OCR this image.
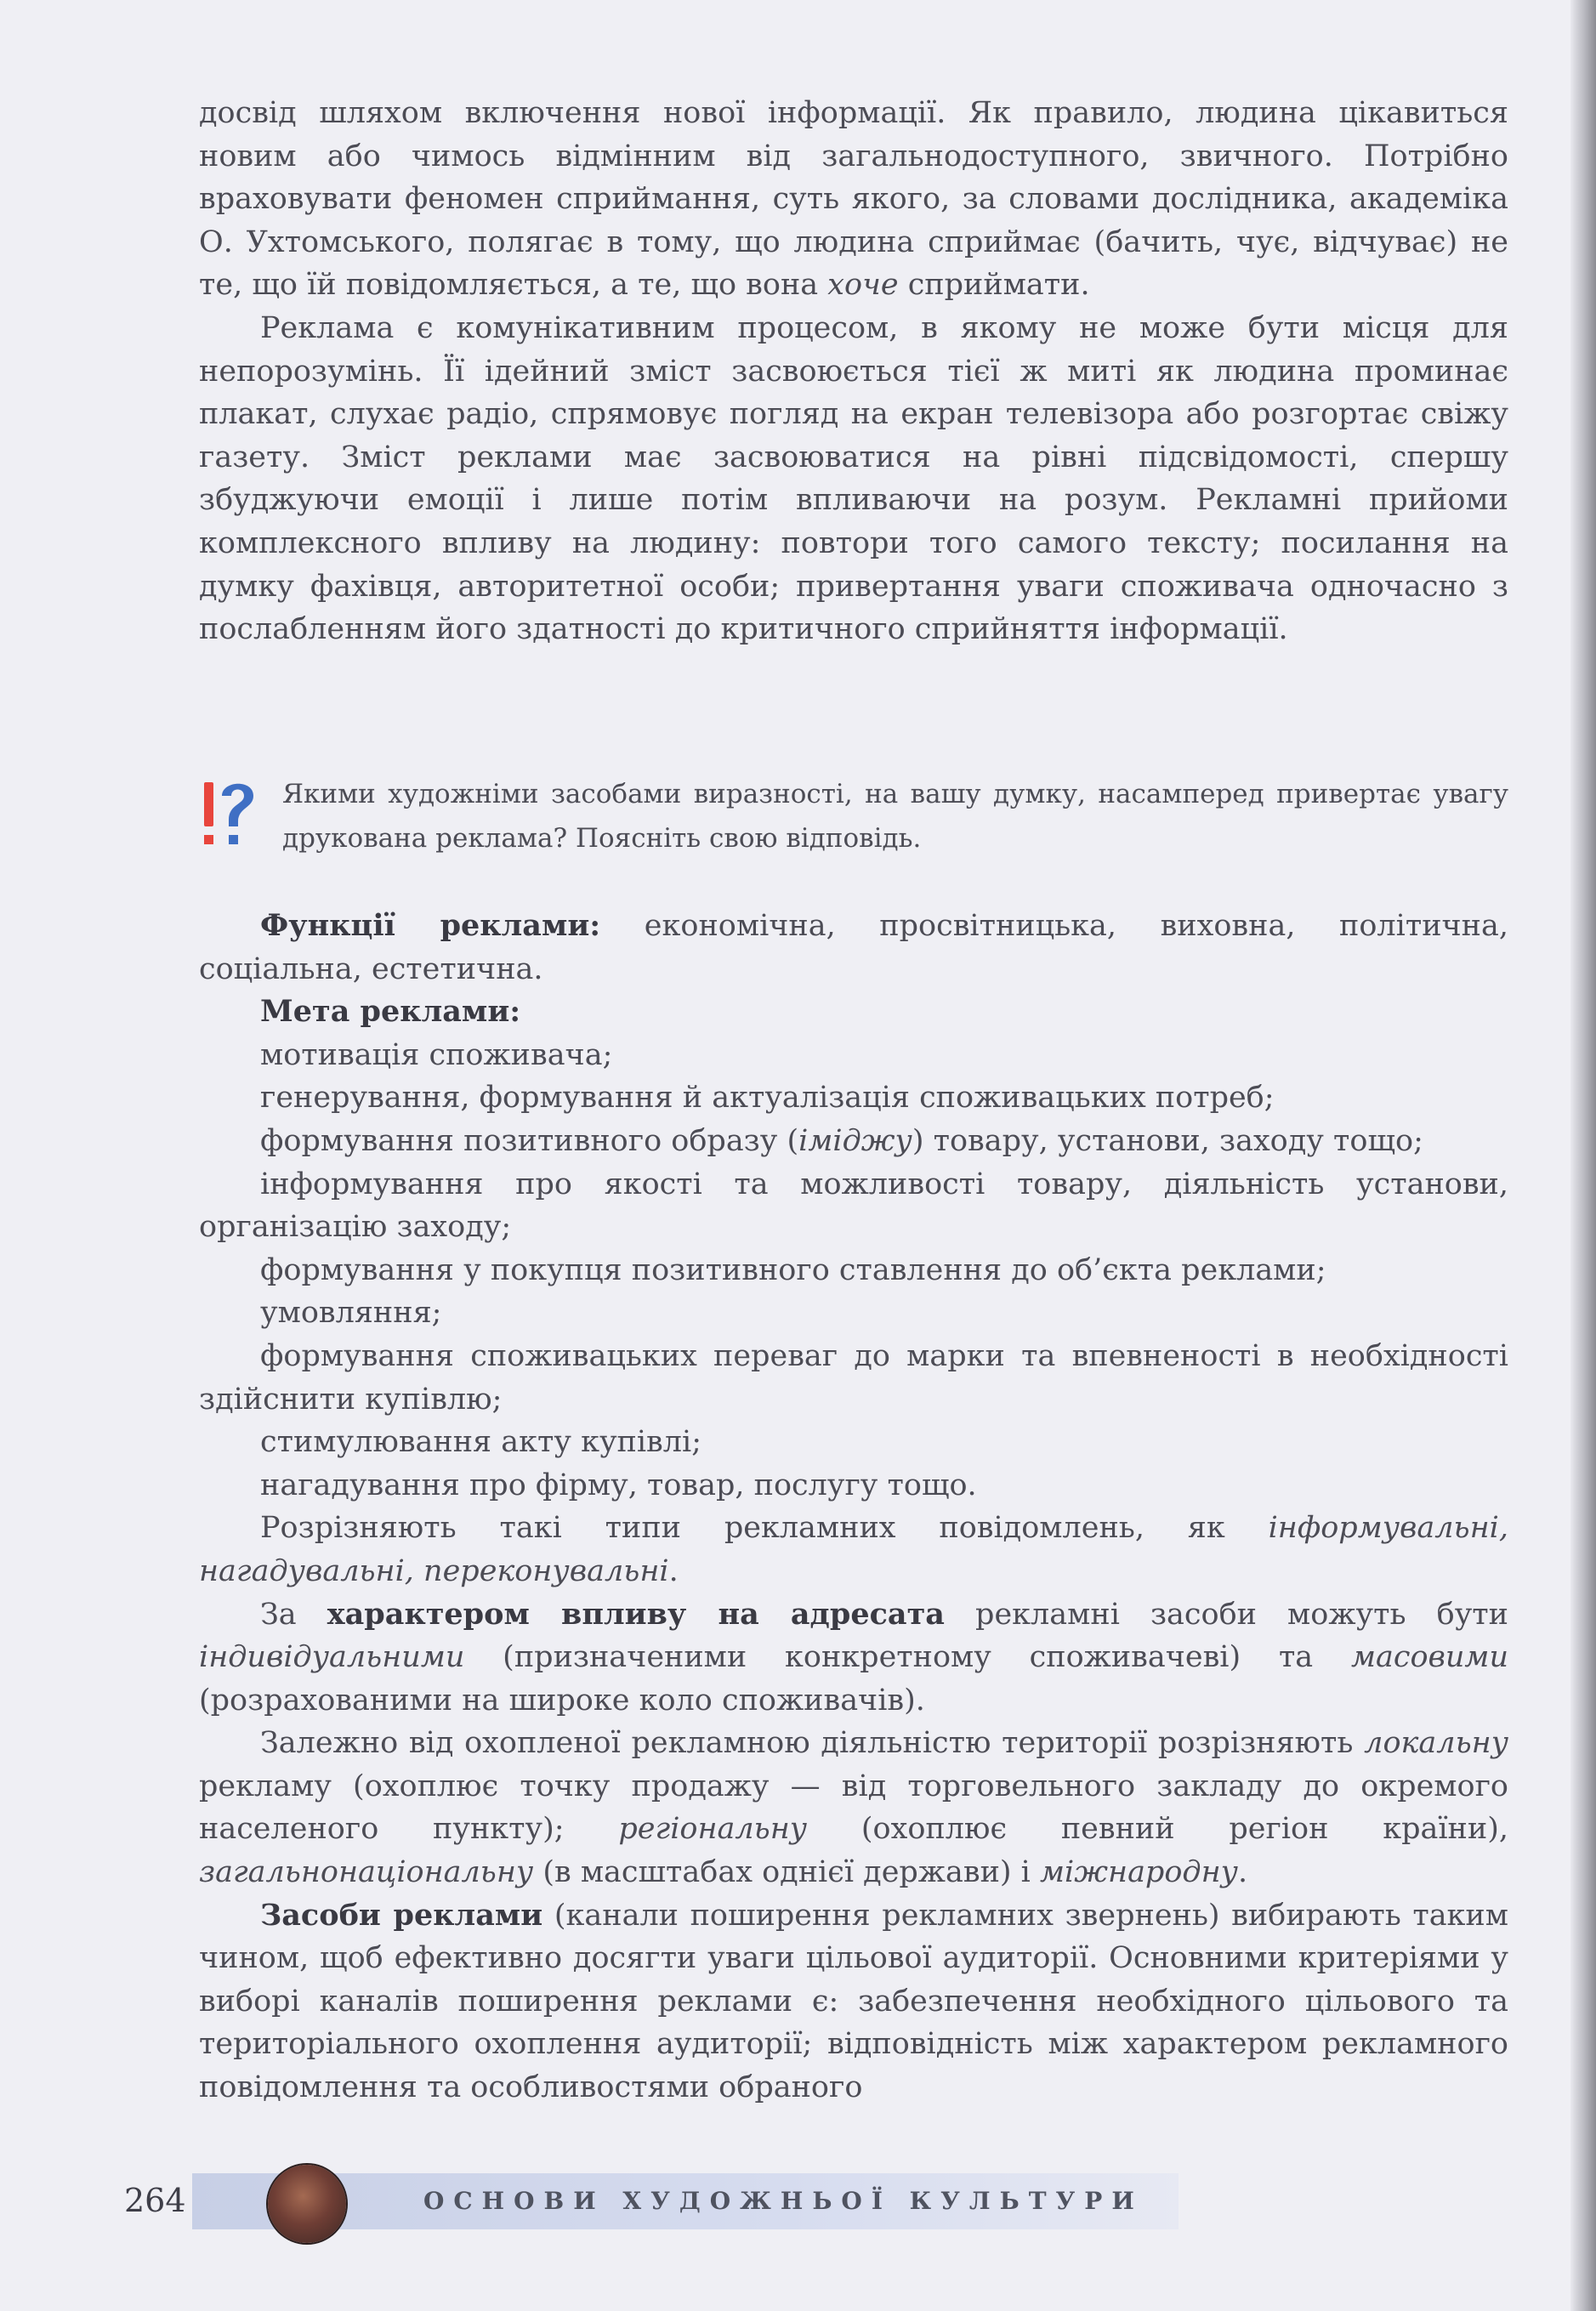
досвід шляхом включення нової інформації. Як правило, людина цікавиться новим або чимось відмінним від загальнодоступного, звичного. Потрібно враховувати феномен сприймання, суть якого, за словами дослідника, академіка О. Ухтомського, полягає в тому, що людина сприймає (бачить, чує, відчуває) не те, що їй повідомляється, а те, що вона хоче сприймати.

Реклама є комунікативним процесом, в якому не може бути місця для непорозумінь. Її ідейний зміст засвоюється тієї ж миті як людина проминає плакат, слухає радіо, спрямовує погляд на екран телевізора або розгортає свіжу газету. Зміст реклами має засвоюватися на рівні підсвідомості, спершу збуджуючи емоції і лише потім впливаючи на розум. Рекламні прийоми комплексного впливу на людину: повтори того самого тексту; посилання на думку фахівця, авторитетної особи; привертання уваги споживача одночасно з послабленням його здатності до критичного сприйняття інформації.

Якими художніми засобами виразності, на вашу думку, насамперед привертає увагу друкована реклама? Поясніть свою відповідь.

Функції реклами: економічна, просвітницька, виховна, політична, соціальна, естетична.

Мета реклами:

мотивація споживача;

генерування, формування й актуалізація споживацьких потреб;

формування позитивного образу (іміджу) товару, установи, заходу тощо;

інформування про якості та можливості товару, діяльність установи, організацію заходу;

формування у покупця позитивного ставлення до об’єкта реклами;

умовляння;

формування споживацьких переваг до марки та впевненості в необхідності здійснити купівлю;

стимулювання акту купівлі;

нагадування про фірму, товар, послугу тощо.

Розрізняють такі типи рекламних повідомлень, як інформувальні, нагадувальні, переконувальні.

За характером впливу на адресата рекламні засоби можуть бути індивідуальними (призначеними конкретному споживачеві) та масовими (розрахованими на широке коло споживачів).

Залежно від охопленої рекламною діяльністю території розрізняють локальну рекламу (охоплює точку продажу — від торговельного закладу до окремого населеного пункту); регіональну (охоплює певний регіон країни), загальнонаціональну (в масштабах однієї держави) і міжнародну.

Засоби реклами (канали поширення рекламних звернень) вибирають таким чином, щоб ефективно досягти уваги цільової аудиторії. Основними критеріями у виборі каналів поширення реклами є: забезпечення необхідного цільового та територіального охоплення аудиторії; відповідність між характером рекламного повідомлення та особливостями обраного

264	ОСНОВИ ХУДОЖНЬОЇ КУЛЬТУРИ
